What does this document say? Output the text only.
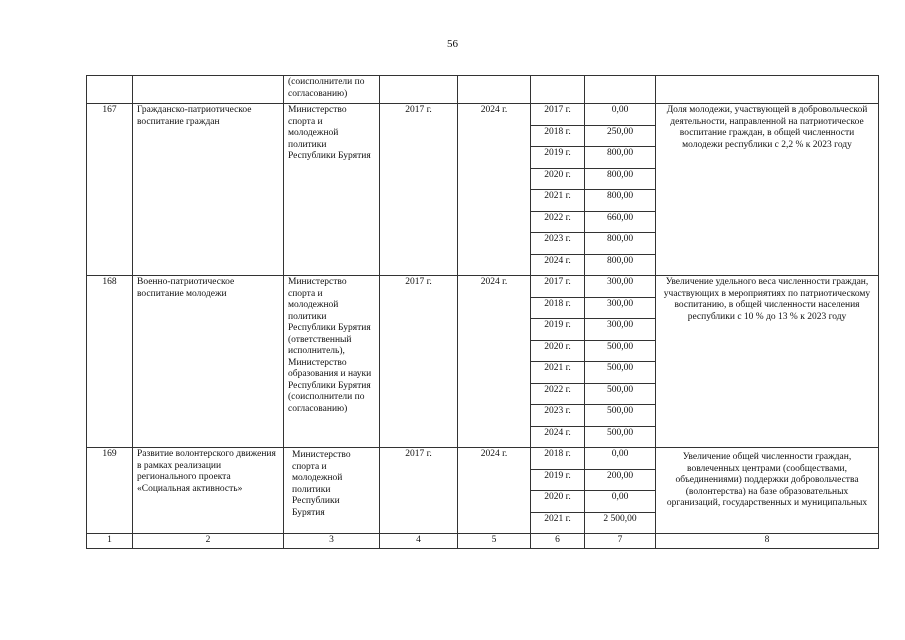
56
		(соисполнители по согласованию)					
167	Гражданско-патриотическое воспитание граждан	Министерство спорта и молодежной политики Республики Бурятия	2017 г.	2024 г.	2017 г.	0,00	Доля молодежи, участвующей в добровольческой деятельности, направленной на патриотическое воспитание граждан, в общей численности молодежи республики с 2,2 % к 2023 году
					2018 г.	250,00	
					2019 г.	800,00	
					2020 г.	800,00	
					2021 г.	800,00	
					2022 г.	660,00	
					2023 г.	800,00	
					2024 г.	800,00	
168	Военно-патриотическое воспитание молодежи	Министерство спорта и молодежной политики Республики Бурятия (ответственный исполнитель), Министерство образования и науки Республики Бурятия (соисполнители по согласованию)	2017 г.	2024 г.	2017 г.	300,00	Увеличение удельного веса численности граждан, участвующих в мероприятиях по патриотическому воспитанию, в общей численности населения республики с 10 % до 13 % к 2023 году
					2018 г.	300,00	
					2019 г.	300,00	
					2020 г.	500,00	
					2021 г.	500,00	
					2022 г.	500,00	
					2023 г.	500,00	
					2024 г.	500,00	
169	Развитие волонтерского движения в рамках реализации регионального проекта «Социальная активность»	Министерство спорта и молодежной политики Республики Бурятия	2017 г.	2024 г.	2018 г.	0,00	Увеличение общей численности граждан, вовлеченных центрами (сообществами, объединениями) поддержки добровольчества (волонтерства) на базе образовательных организаций, государственных и муниципальных

					2019 г.	200,00	
					2020 г.	0,00	
					2021 г.	2 500,00	
1	2	3	4	5	6	7	8
